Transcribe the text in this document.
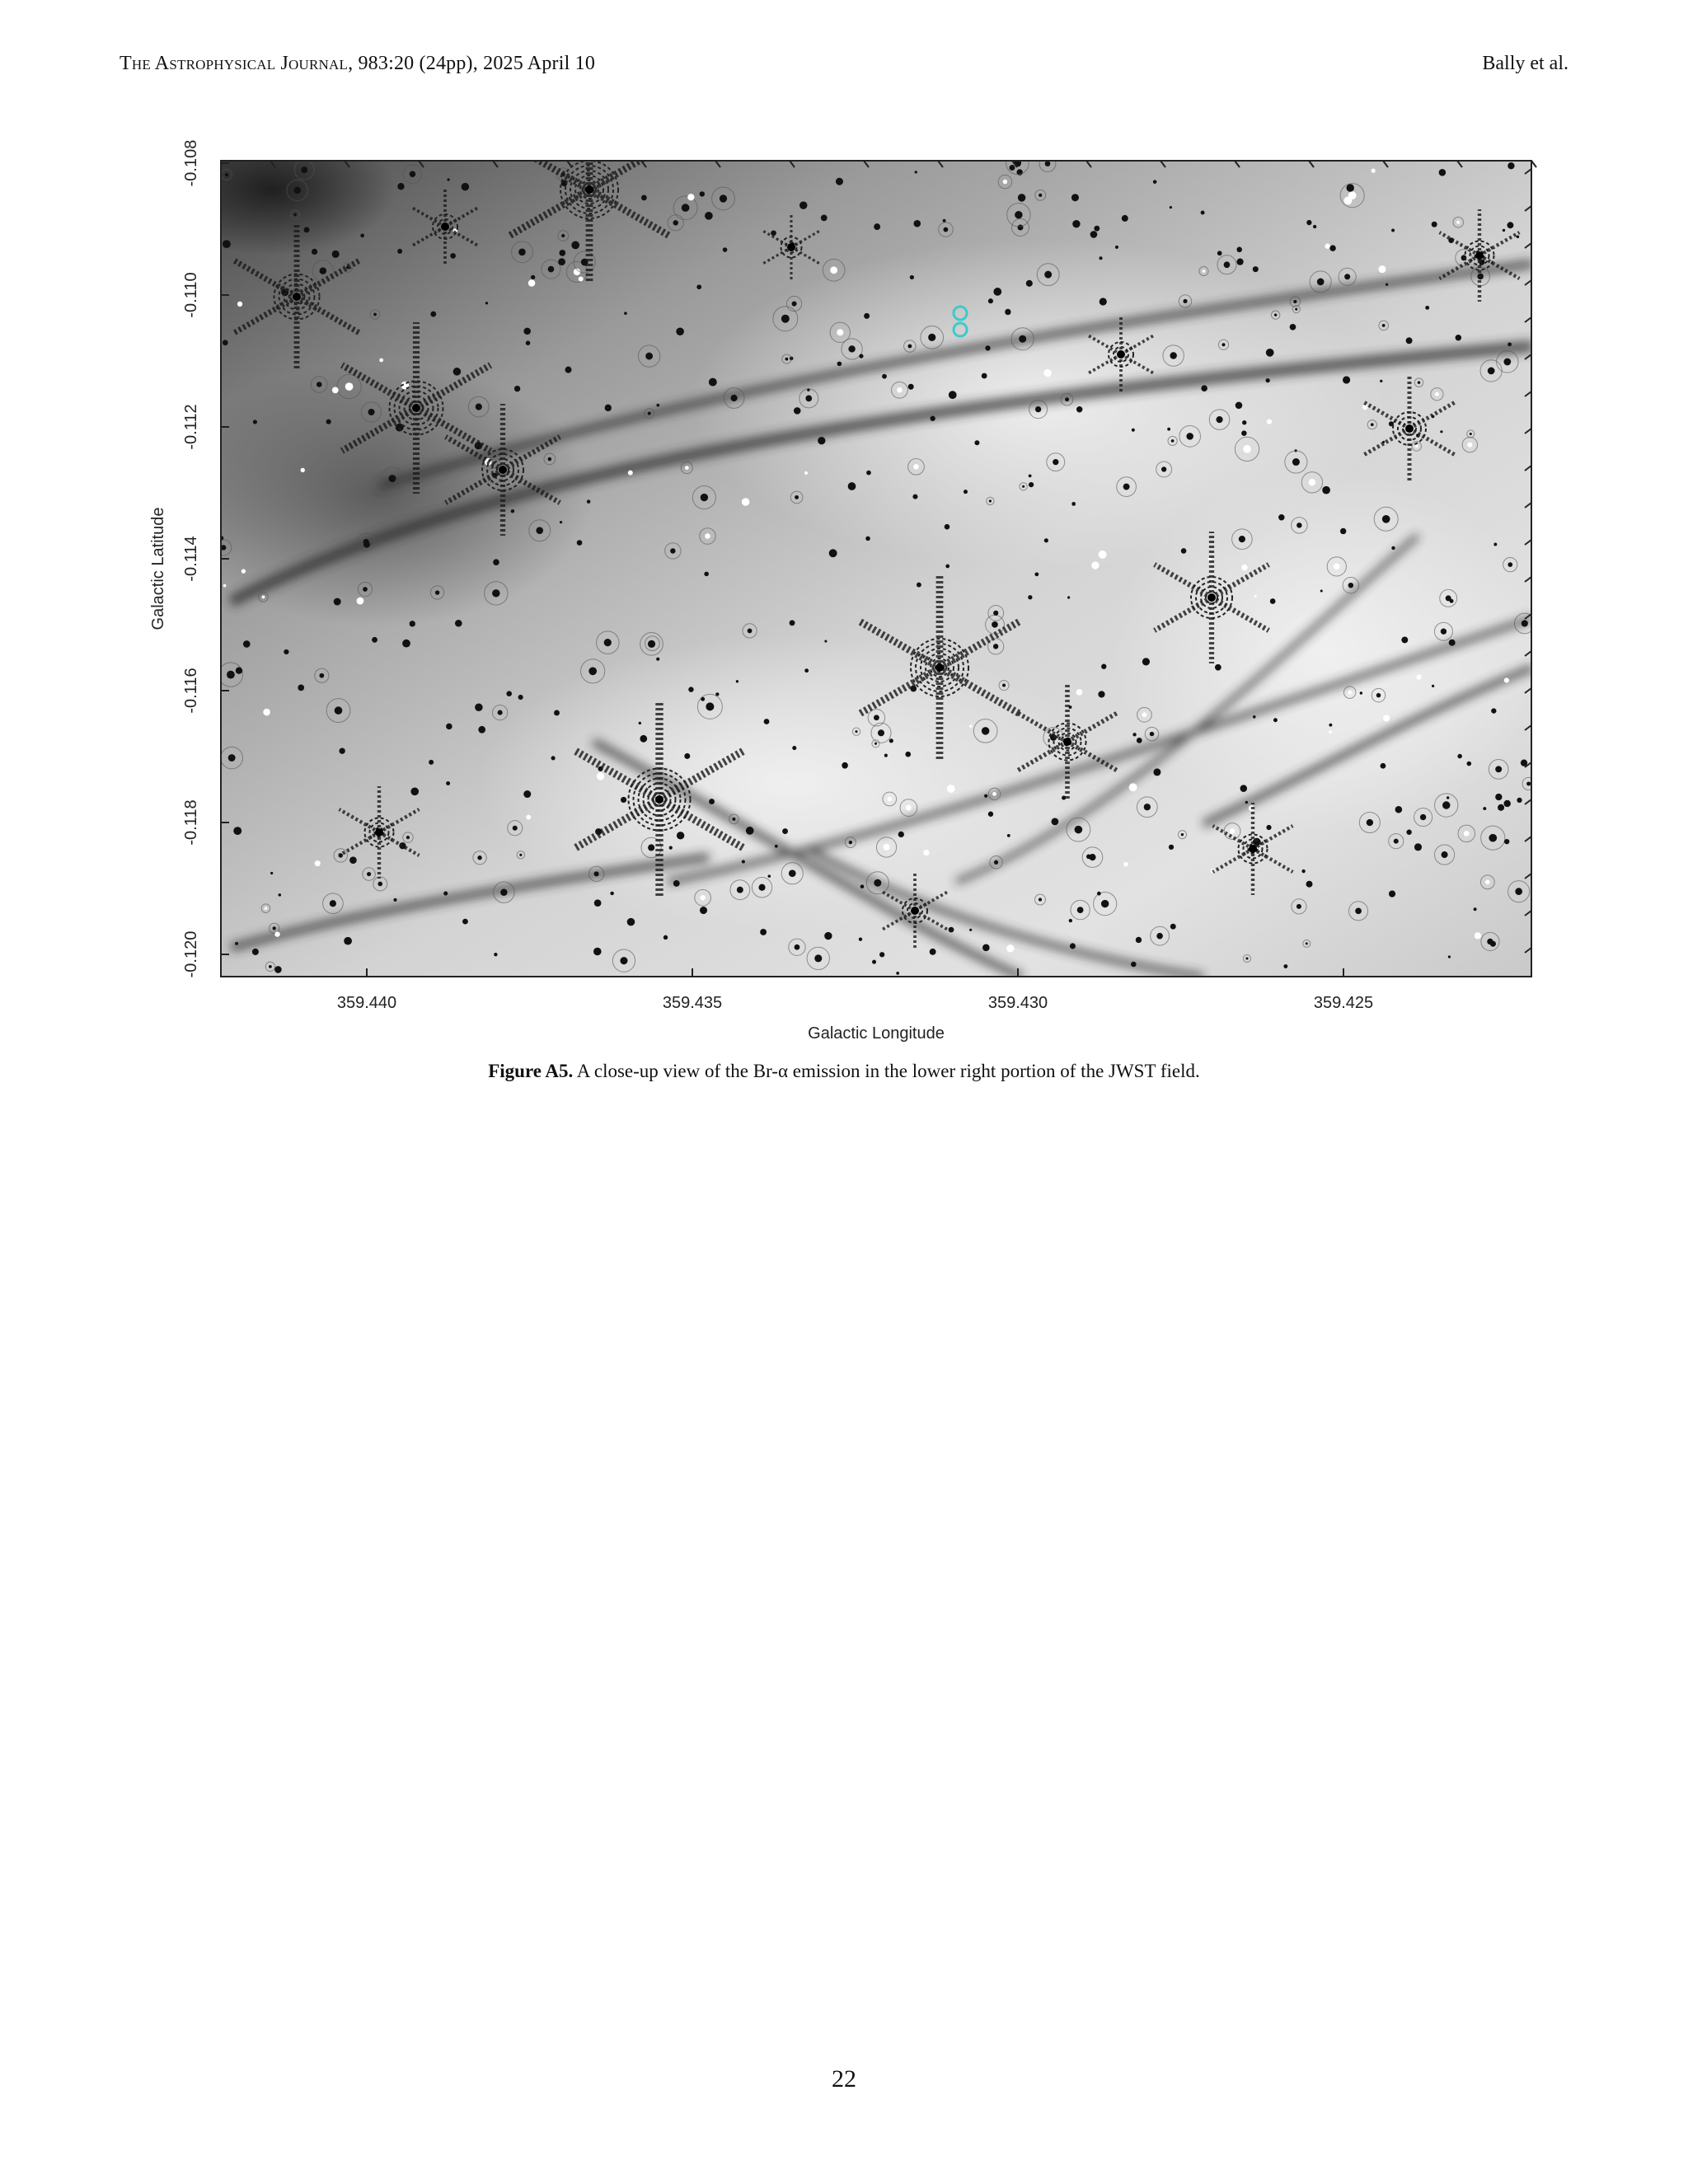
The Astrophysical Journal, 983:20 (24pp), 2025 April 10	Bally et al.
359.440	359.435	359.430	359.425
-0.108
-0.110
-0.112
-0.114
-0.116
-0.118
-0.120
Galactic Longitude
Galactic Latitude
Figure A5. A close-up view of the Br-α emission in the lower right portion of the JWST field.
22
